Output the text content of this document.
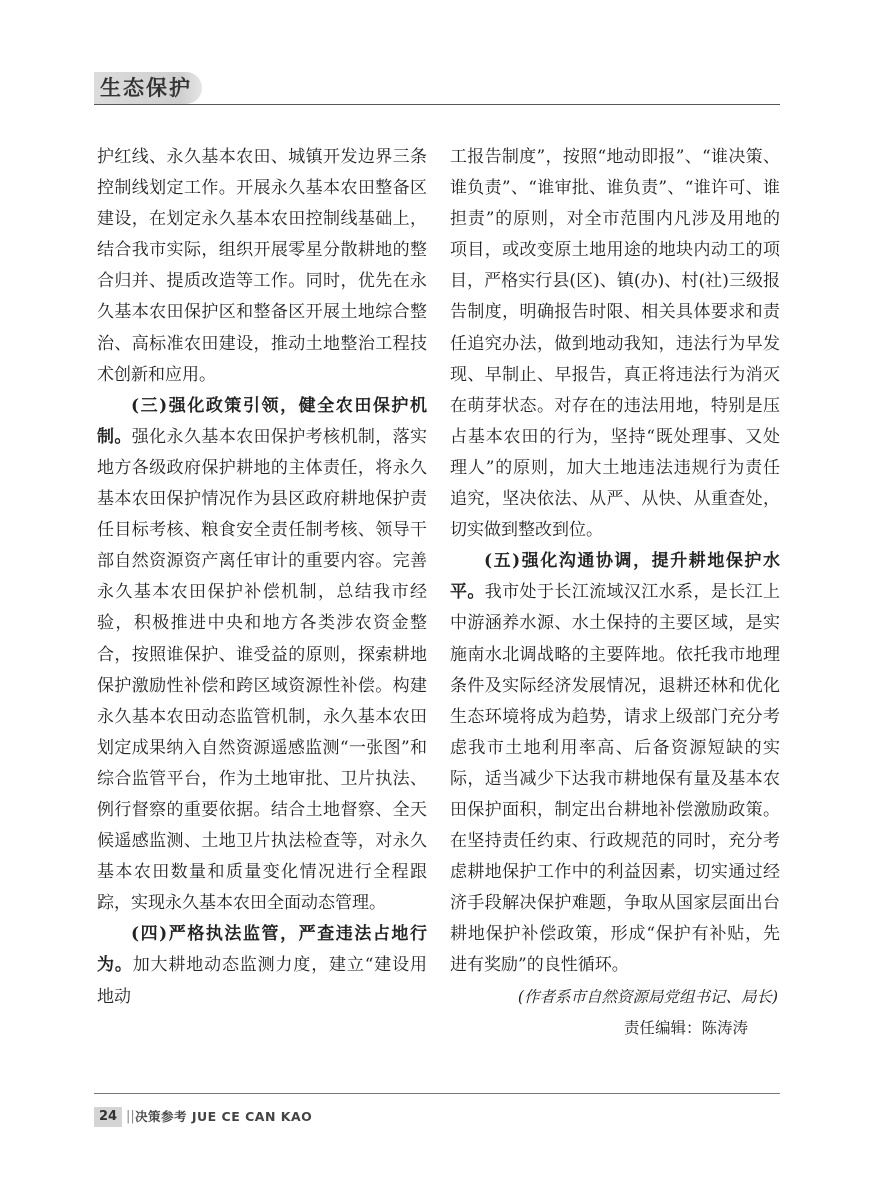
生态保护

护红线、永久基本农田、城镇开发边界三条控制线划定工作。开展永久基本农田整备区建设，在划定永久基本农田控制线基础上，结合我市实际，组织开展零星分散耕地的整合归并、提质改造等工作。同时，优先在永久基本农田保护区和整备区开展土地综合整治、高标准农田建设，推动土地整治工程技术创新和应用。

(三)强化政策引领，健全农田保护机制。强化永久基本农田保护考核机制，落实地方各级政府保护耕地的主体责任，将永久基本农田保护情况作为县区政府耕地保护责任目标考核、粮食安全责任制考核、领导干部自然资源资产离任审计的重要内容。完善永久基本农田保护补偿机制，总结我市经验，积极推进中央和地方各类涉农资金整合，按照谁保护、谁受益的原则，探索耕地保护激励性补偿和跨区域资源性补偿。构建永久基本农田动态监管机制，永久基本农田划定成果纳入自然资源遥感监测“一张图”和综合监管平台，作为土地审批、卫片执法、例行督察的重要依据。结合土地督察、全天候遥感监测、土地卫片执法检查等，对永久基本农田数量和质量变化情况进行全程跟踪，实现永久基本农田全面动态管理。

(四)严格执法监管，严查违法占地行为。加大耕地动态监测力度，建立“建设用地动

工报告制度”，按照“地动即报”、“谁决策、谁负责”、“谁审批、谁负责”、“谁许可、谁担责”的原则，对全市范围内凡涉及用地的项目，或改变原土地用途的地块内动工的项目，严格实行县(区)、镇(办)、村(社)三级报告制度，明确报告时限、相关具体要求和责任追究办法，做到地动我知，违法行为早发现、早制止、早报告，真正将违法行为消灭在萌芽状态。对存在的违法用地，特别是压占基本农田的行为，坚持“既处理事、又处理人”的原则，加大土地违法违规行为责任追究，坚决依法、从严、从快、从重查处，切实做到整改到位。

(五)强化沟通协调，提升耕地保护水平。我市处于长江流域汉江水系，是长江上中游涵养水源、水土保持的主要区域，是实施南水北调战略的主要阵地。依托我市地理条件及实际经济发展情况，退耕还林和优化生态环境将成为趋势，请求上级部门充分考虑我市土地利用率高、后备资源短缺的实际，适当减少下达我市耕地保有量及基本农田保护面积，制定出台耕地补偿激励政策。在坚持责任约束、行政规范的同时，充分考虑耕地保护工作中的利益因素，切实通过经济手段解决保护难题，争取从国家层面出台耕地保护补偿政策，形成“保护有补贴，先进有奖励”的良性循环。

(作者系市自然资源局党组书记、局长)

责任编辑：陈涛涛

24 || 决策参考 JUE CE CAN KAO
